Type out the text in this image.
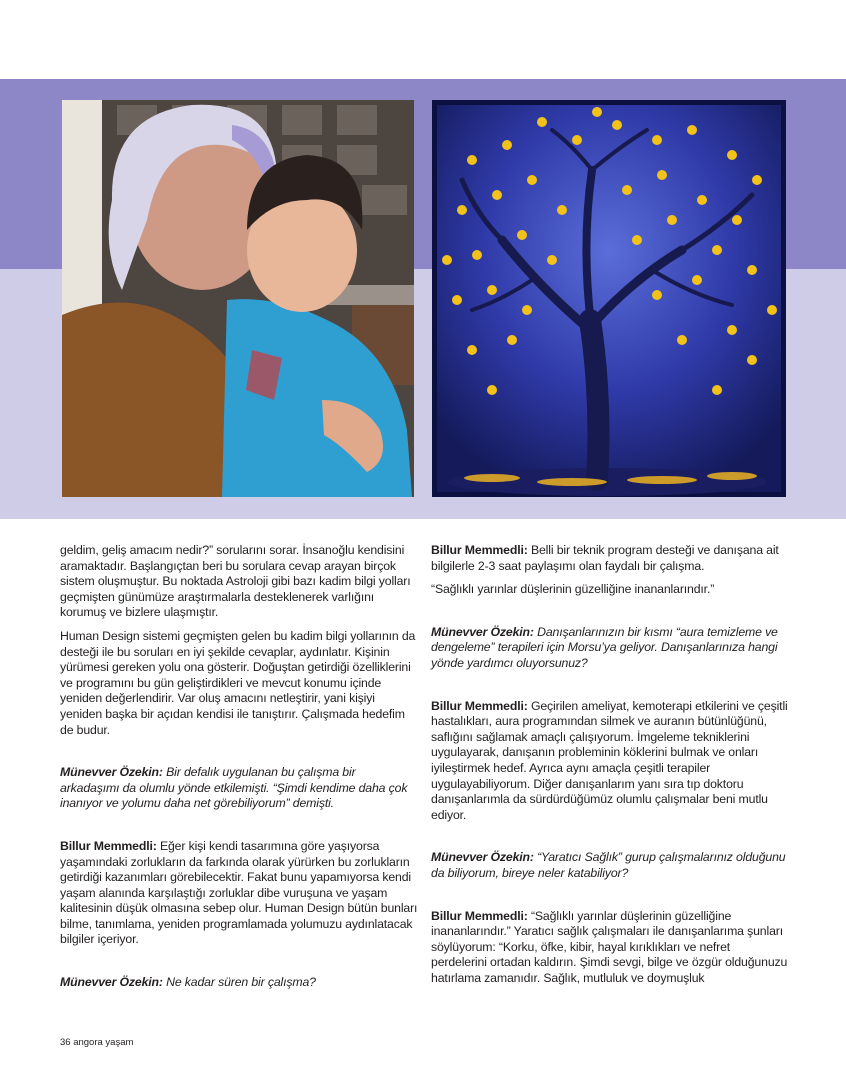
geldim, geliş amacım nedir?” sorularını sorar. İnsanoğlu kendisini aramaktadır. Başlangıçtan beri bu sorulara cevap arayan birçok sistem oluşmuştur. Bu noktada Astroloji gibi bazı kadim bilgi yolları geçmişten günümüze araştırmalarla desteklenerek varlığını korumuş ve bizlere ulaşmıştır.

Human Design sistemi geçmişten gelen bu kadim bilgi yollarının da desteği ile bu soruları en iyi şekilde cevaplar, aydınlatır. Kişinin yürümesi gereken yolu ona gösterir. Doğuştan getirdiği özelliklerini ve programını bu gün geliştirdikleri ve mevcut konumu içinde yeniden değerlendirir. Var oluş amacını netleştirir, yani kişiyi yeniden başka bir açıdan kendisi ile tanıştırır. Çalışmada hedefim de budur.

Münevver Özekin: Bir defalık uygulanan bu çalışma bir arkadaşımı da olumlu yönde etkilemişti. “Şimdi kendime daha çok inanıyor ve yolumu daha net görebiliyorum” demişti.

Billur Memmedli: Eğer kişi kendi tasarımına göre yaşıyorsa yaşamındaki zorlukların da farkında olarak yürürken bu zorlukların getirdiği kazanımları görebilecektir. Fakat bunu yapamıyorsa kendi yaşam alanında karşılaştığı zorluklar dibe vuruşuna ve yaşam kalitesinin düşük olmasına sebep olur. Human Design bütün bunları bilme, tanımlama, yeniden programlamada yolumuzu aydınlatacak bilgiler içeriyor.

Münevver Özekin: Ne kadar süren bir çalışma?

Billur Memmedli: Belli bir teknik program desteği ve danışana ait bilgilerle 2-3 saat paylaşımı olan faydalı bir çalışma.

“Sağlıklı yarınlar düşlerinin güzelliğine inananlarındır.”

Münevver Özekin: Danışanlarınızın bir kısmı “aura temizleme ve dengeleme” terapileri için Morsu’ya geliyor. Danışanlarınıza hangi yönde yardımcı oluyorsunuz?

Billur Memmedli: Geçirilen ameliyat, kemoterapi etkilerini ve çeşitli hastalıkları, aura programından silmek ve auranın bütünlüğünü, saflığını sağlamak amaçlı çalışıyorum. İmgeleme tekniklerini uygulayarak, danışanın probleminin köklerini bulmak ve onları iyileştirmek hedef. Ayrıca aynı amaçla çeşitli terapiler uygulayabiliyorum. Diğer danışanlarım yanı sıra tıp doktoru danışanlarımla da sürdürdüğümüz olumlu çalışmalar beni mutlu ediyor.

Münevver Özekin: “Yaratıcı Sağlık” gurup çalışmalarınız olduğunu da biliyorum, bireye neler katabiliyor?

Billur Memmedli: “Sağlıklı yarınlar düşlerinin güzelliğine inananlarındır.” Yaratıcı sağlık çalışmaları ile danışanlarıma şunları söylüyorum: “Korku, öfke, kibir, hayal kırıklıkları ve nefret perdelerini ortadan kaldırın. Şimdi sevgi, bilge ve özgür olduğunuzu hatırlama zamanıdır. Sağlık, mutluluk ve doymuşluk

36 angora yaşam
